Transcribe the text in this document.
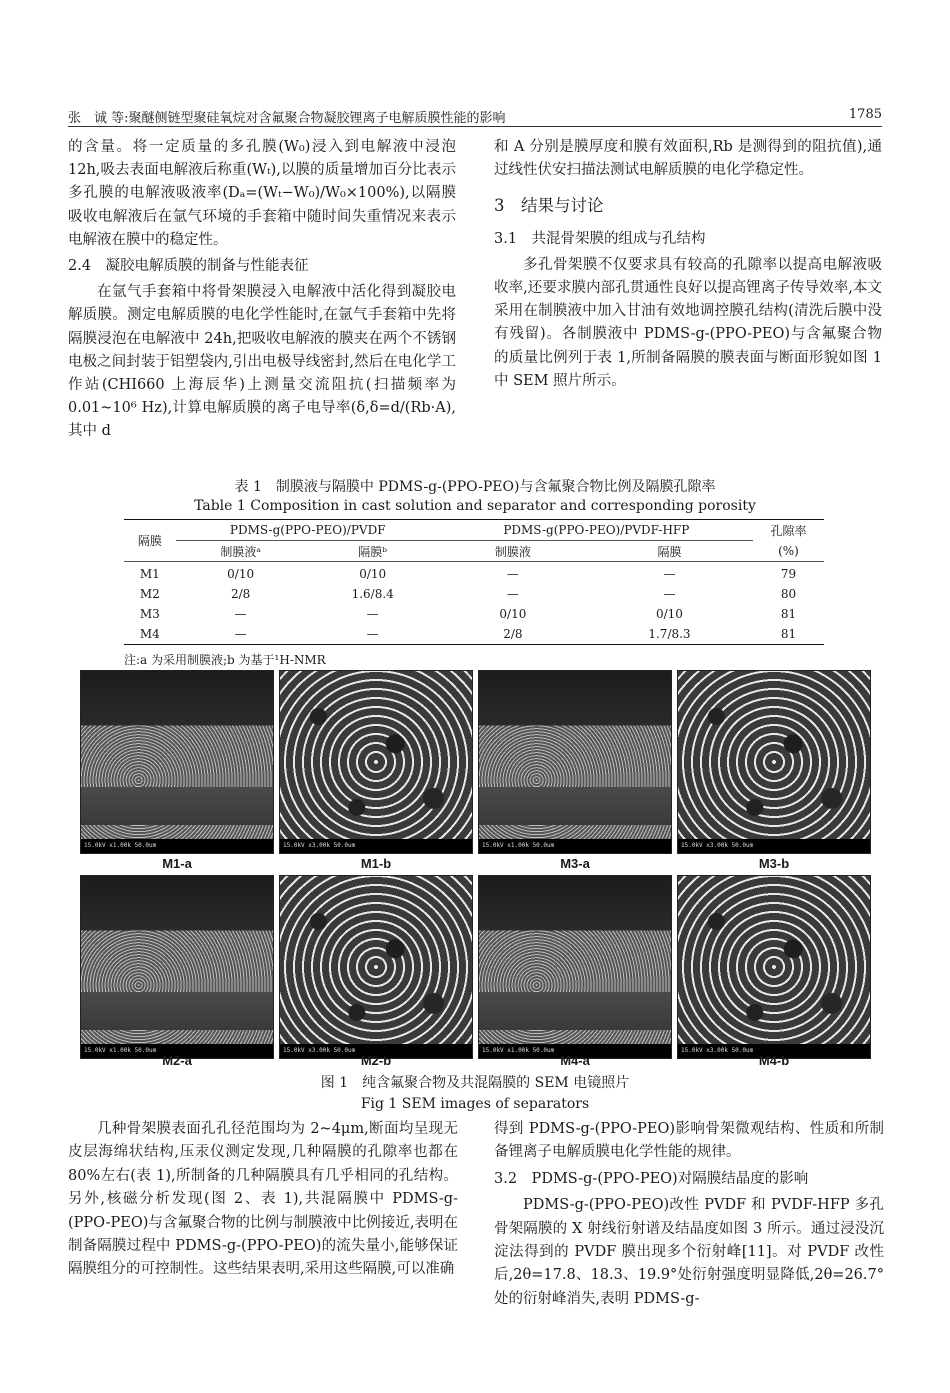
张　诚 等:聚醚侧链型聚硅氧烷对含氟聚合物凝胶锂离子电解质膜性能的影响	1785

的含量。将一定质量的多孔膜(W₀)浸入到电解液中浸泡 12h,吸去表面电解液后称重(Wₜ),以膜的质量增加百分比表示多孔膜的电解液吸液率(Dₐ=(Wₜ−W₀)/W₀×100%),以隔膜吸收电解液后在氩气环境的手套箱中随时间失重情况来表示电解液在膜中的稳定性。

2.4　凝胶电解质膜的制备与性能表征

在氩气手套箱中将骨架膜浸入电解液中活化得到凝胶电解质膜。测定电解质膜的电化学性能时,在氩气手套箱中先将隔膜浸泡在电解液中 24h,把吸收电解液的膜夹在两个不锈钢电极之间封装于铝塑袋内,引出电极导线密封,然后在电化学工作站(CHI660 上海辰华)上测量交流阻抗(扫描频率为 0.01~10⁶ Hz),计算电解质膜的离子电导率(δ,δ=d/(Rb·A),其中 d

和 A 分别是膜厚度和膜有效面积,Rb 是测得到的阻抗值),通过线性伏安扫描法测试电解质膜的电化学稳定性。

3　结果与讨论
3.1　共混骨架膜的组成与孔结构

多孔骨架膜不仅要求具有较高的孔隙率以提高电解液吸收率,还要求膜内部孔贯通性良好以提高锂离子传导效率,本文采用在制膜液中加入甘油有效地调控膜孔结构(清洗后膜中没有残留)。各制膜液中 PDMS-g-(PPO-PEO)与含氟聚合物的质量比例列于表 1,所制备隔膜的膜表面与断面形貌如图 1 中 SEM 照片所示。

表 1　制膜液与隔膜中 PDMS-g-(PPO-PEO)与含氟聚合物比例及隔膜孔隙率
Table 1 Composition in cast solution and separator and corresponding porosity
隔膜	PDMS-g(PPO-PEO)/PVDF		PDMS-g(PPO-PEO)/PVDF-HFP		孔隙率
	制膜液ᵃ	隔膜ᵇ	制膜液	隔膜	(%)
M1	0/10	0/10	—	—	79
M2	2/8	1.6/8.4	—	—	80
M3	—	—	0/10	0/10	81
M4	—	—	2/8	1.7/8.3	81
注:a 为采用制膜液;b 为基于¹H-NMR
15.0kV x1.00k 50.0um
M1-a
15.0kV x3.00k 50.0um
M1-b
15.0kV x1.00k 50.0um
M3-a
15.0kV x3.00k 50.0um
M3-b
15.0kV x1.00k 50.0um
M2-a
15.0kV x3.00k 50.0um
M2-b
15.0kV x1.00k 50.0um
M4-a
15.0kV x3.00k 50.0um
M4-b
图 1　纯含氟聚合物及共混隔膜的 SEM 电镜照片
Fig 1 SEM images of separators

几种骨架膜表面孔孔径范围均为 2~4μm,断面均呈现无皮层海绵状结构,压汞仪测定发现,几种隔膜的孔隙率也都在 80%左右(表 1),所制备的几种隔膜具有几乎相同的孔结构。另外,核磁分析发现(图 2、表 1),共混隔膜中 PDMS-g-(PPO-PEO)与含氟聚合物的比例与制膜液中比例接近,表明在制备隔膜过程中 PDMS-g-(PPO-PEO)的流失量小,能够保证隔膜组分的可控制性。这些结果表明,采用这些隔膜,可以准确

得到 PDMS-g-(PPO-PEO)影响骨架微观结构、性质和所制备锂离子电解质膜电化学性能的规律。

3.2　PDMS-g-(PPO-PEO)对隔膜结晶度的影响

PDMS-g-(PPO-PEO)改性 PVDF 和 PVDF-HFP 多孔骨架隔膜的 X 射线衍射谱及结晶度如图 3 所示。通过浸没沉淀法得到的 PVDF 膜出现多个衍射峰[11]。对 PVDF 改性后,2θ=17.8、18.3、19.9°处衍射强度明显降低,2θ=26.7°处的衍射峰消失,表明 PDMS-g-
